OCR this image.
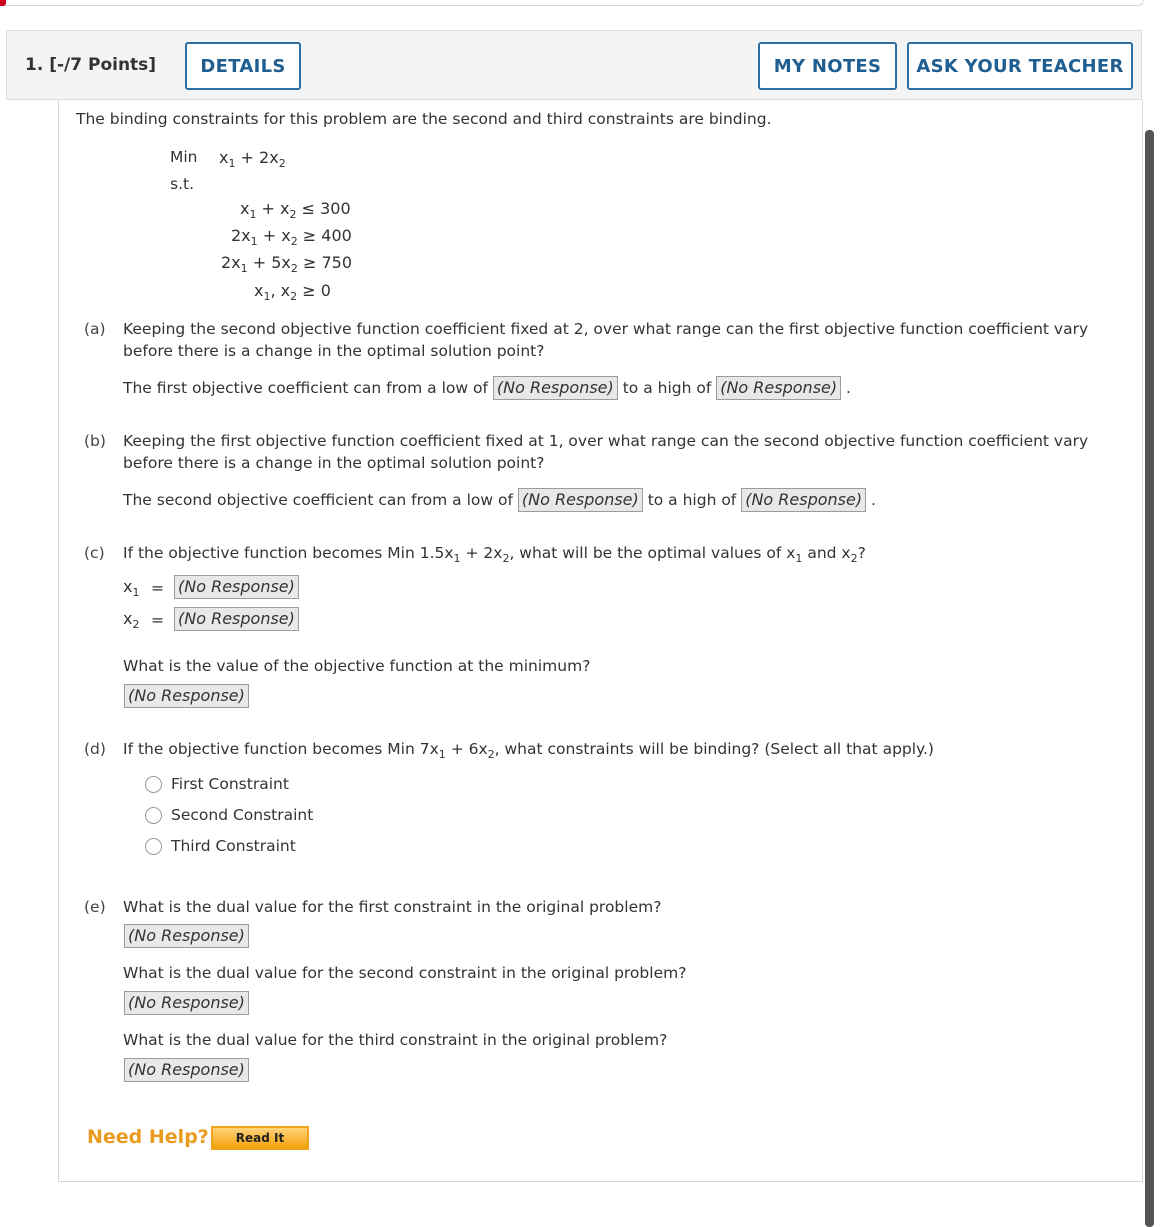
1. [-/7 Points]	DETAILS	MY NOTES	ASK YOUR TEACHER
The binding constraints for this problem are the second and third constraints are binding.
Min $x_1 + 2x_2$
s.t.
$x_1 + x_2 \le 300$
$2x_1 + x_2 \ge 400$
$2x_1 + 5x_2 \ge 750$
$x_1$, $x_2 \ge 0$
(a) Keeping the second objective function coefficient fixed at 2, over what range can the first objective function coefficient vary
before there is a change in the optimal solution point?
The first objective coefficient can from a low of (No Response) to a high of (No Response) .
(b) Keeping the first objective function coefficient fixed at 1, over what range can the second objective function coefficient vary
before there is a change in the optimal solution point?
The second objective coefficient can from a low of (No Response) to a high of (No Response) .
(c) If the objective function becomes Min $1.5x_1 + 2x_2$, what will be the optimal values of $x_1$ and $x_2$?
$x_1 = (No$ Response)
$x_2 = (No$ Response)
What is the value of the objective function at the minimum?
(No Response)
(d) If the objective function becomes Min $7x_1 + 6x_2$, what constraints will be binding? (Select all that apply.)
First Constraint
Second Constraint
Third Constraint
(e) What is the dual value for the first constraint in the original problem?
(No Response)
What is the dual value for the second constraint in the original problem?
(No Response)
What is the dual value for the third constraint in the original problem?
(No Response)
Need Help?	Read It
